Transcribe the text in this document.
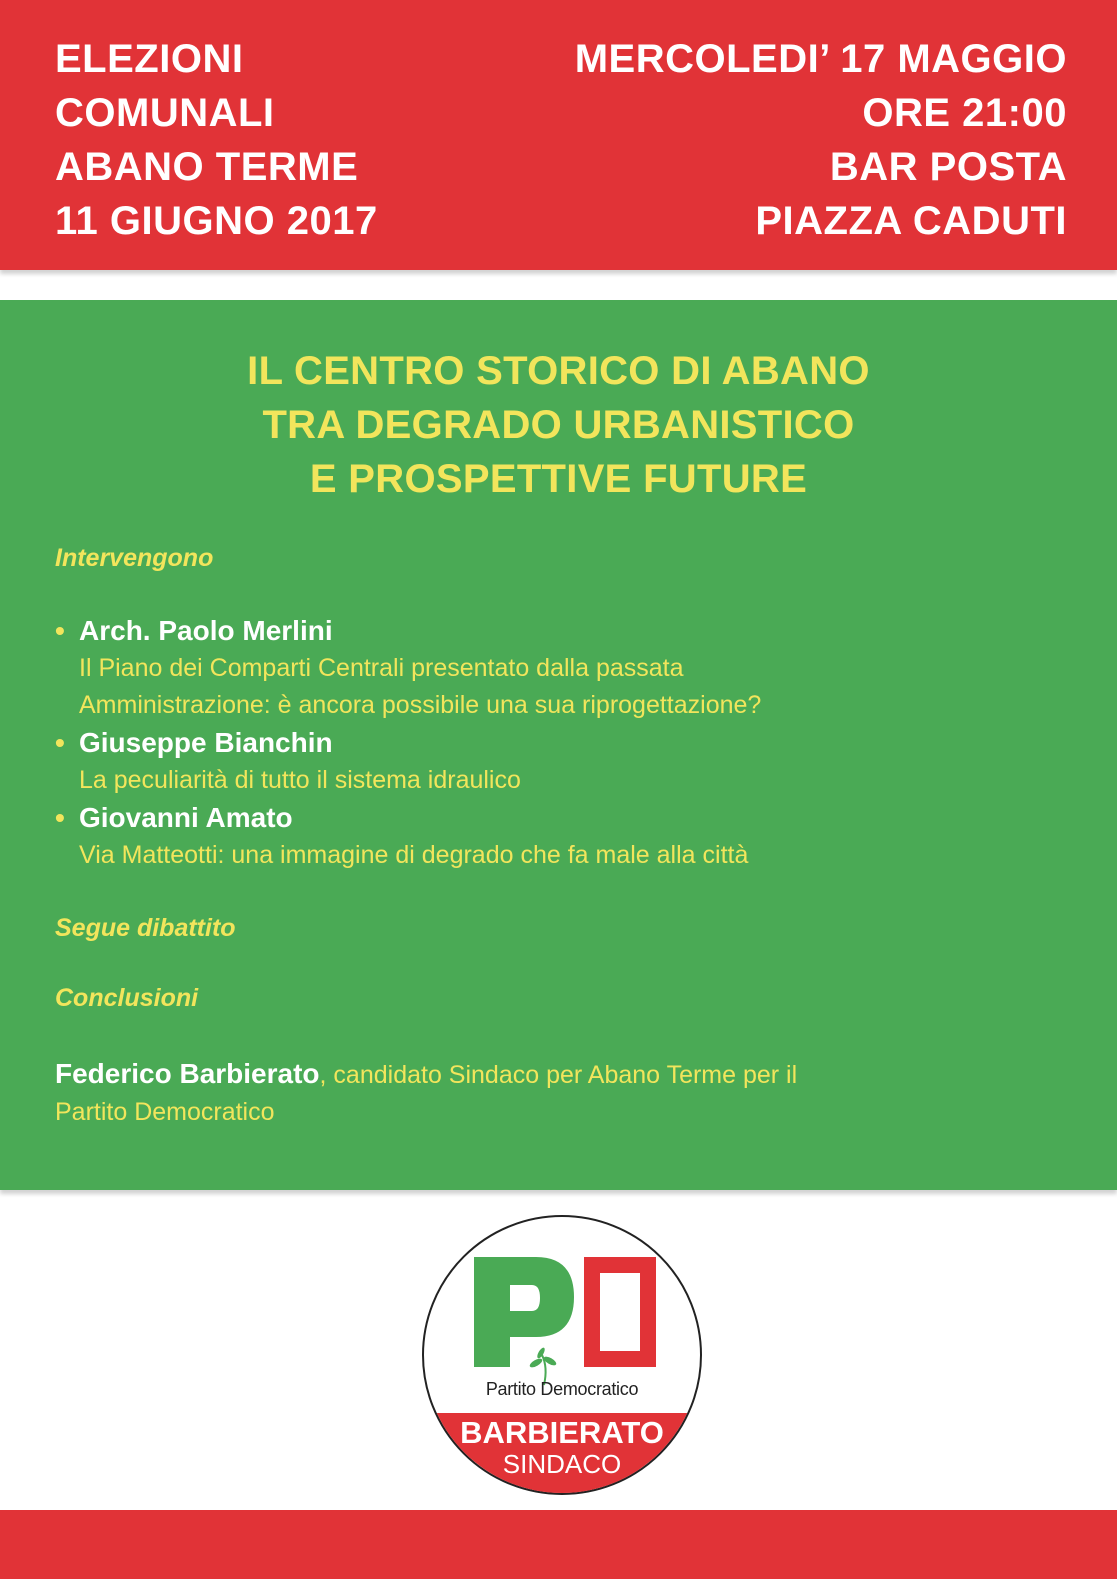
ELEZIONI
COMUNALI
ABANO TERME
11 GIUGNO 2017
MERCOLEDI’ 17 MAGGIO
ORE 21:00
BAR POSTA
PIAZZA CADUTI
IL CENTRO STORICO DI ABANO
TRA DEGRADO URBANISTICO
E PROSPETTIVE FUTURE
Intervengono
• Arch. Paolo Merlini
Il Piano dei Comparti Centrali presentato dalla passata
Amministrazione: è ancora possibile una sua riprogettazione?
• Giuseppe Bianchin
La peculiarità di tutto il sistema idraulico
• Giovanni Amato
Via Matteotti: una immagine di degrado che fa male alla città
Segue dibattito
Conclusioni
Federico Barbierato, candidato Sindaco per Abano Terme per il
Partito Democratico
Partito Democratico
BARBIERATO
SINDACO
